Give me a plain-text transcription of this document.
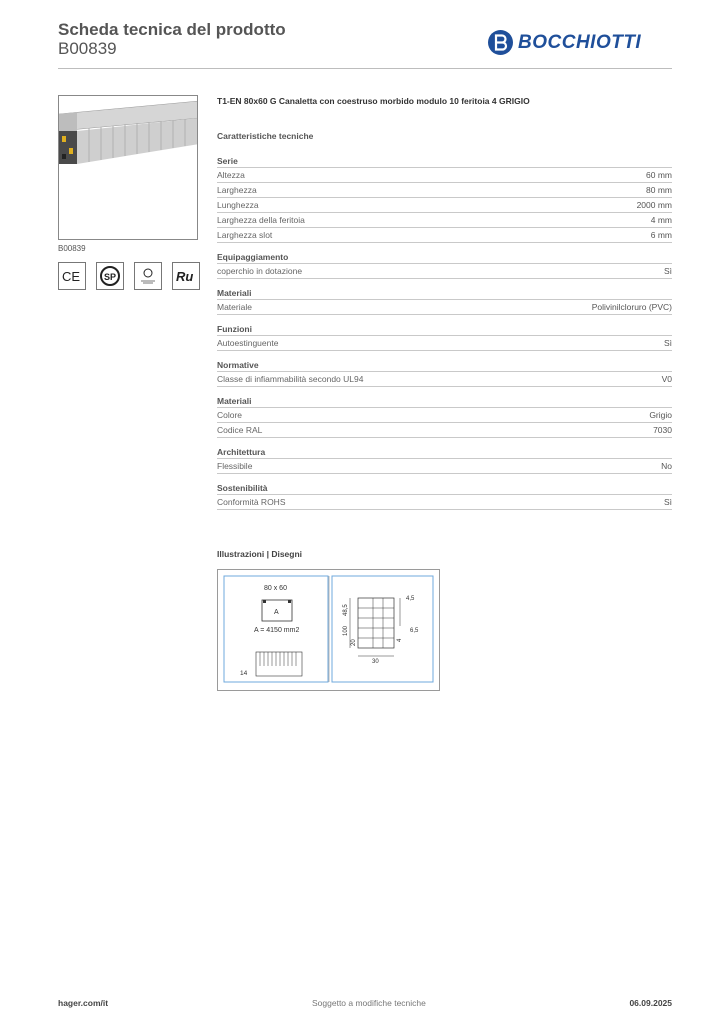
Scheda tecnica del prodotto
B00839	BOCCHIOTTI
B00839
CE	SP	Ru
T1-EN 80x60 G Canaletta con coestruso morbido modulo 10 feritoia 4 GRIGIO
Caratteristiche tecniche
Serie
Altezza	60 mm
Larghezza	80 mm
Lunghezza	2000 mm
Larghezza della feritoia	4 mm
Larghezza slot	6 mm
Equipaggiamento
coperchio in dotazione	Sì
Materiali
Materiale	Polivinilcloruro (PVC)
Funzioni
Autoestinguente	Sì
Normative
Classe di infiammabilità secondo UL94	V0
Materiali
Colore	Grigio
Codice RAL	7030
Architettura
Flessibile	No
Sostenibilità
Conformità ROHS	Sì
Illustrazioni | Disegni
80 x 60
A
A = 4150 mm2
14
4,5
48,5
100	6,5
4
20
30
hager.com/it	Soggetto a modifiche tecniche	06.09.2025
